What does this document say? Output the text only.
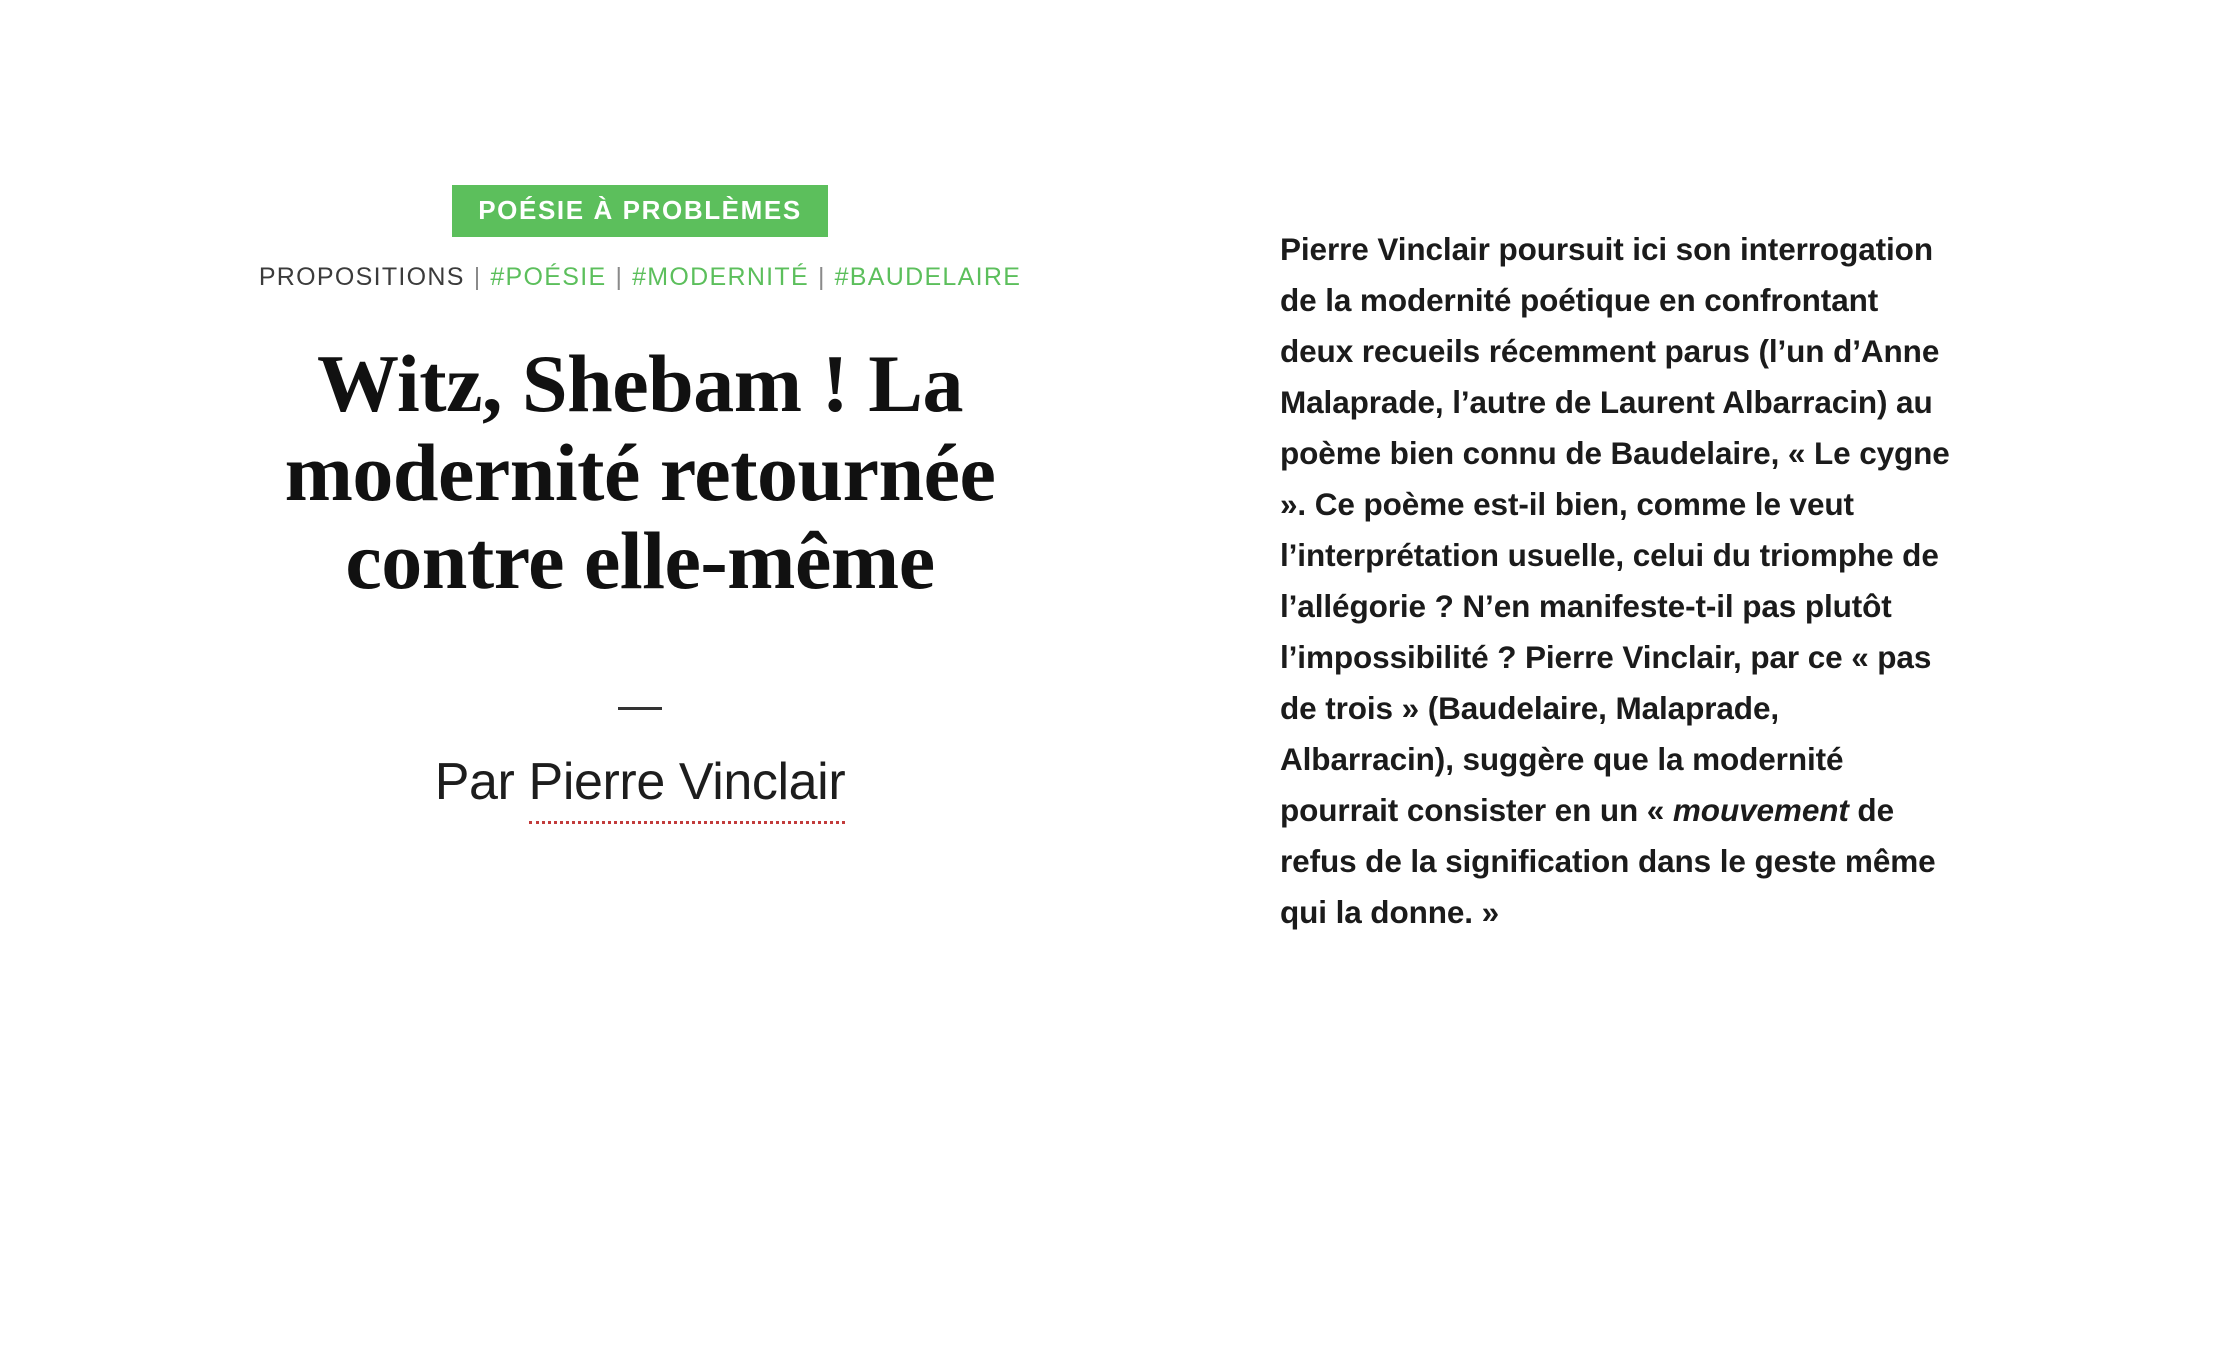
POÉSIE À PROBLÈMES
PROPOSITIONS | #POÉSIE | #MODERNITÉ | #BAUDELAIRE
Witz, Shebam ! La modernité retournée contre elle-même
Par Pierre Vinclair

Pierre Vinclair poursuit ici son interrogation de la modernité poétique en confrontant deux recueils récemment parus (l’un d’Anne Malaprade, l’autre de Laurent Albarracin) au poème bien connu de Baudelaire, « Le cygne ». Ce poème est-il bien, comme le veut l’interprétation usuelle, celui du triomphe de l’allégorie ? N’en manifeste-t-il pas plutôt l’impossibilité ? Pierre Vinclair, par ce « pas de trois » (Baudelaire, Malaprade, Albarracin), suggère que la modernité pourrait consister en un « mouvement de refus de la signification dans le geste même qui la donne. »
